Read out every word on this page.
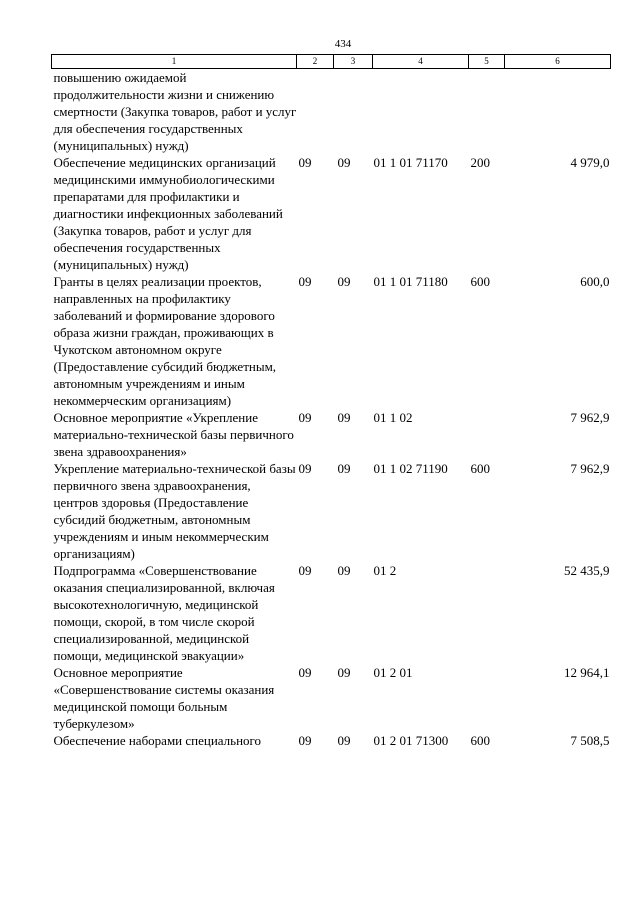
434
1	2	3	4	5	6
повышению ожидаемой продолжительности жизни и снижению смертности (Закупка товаров, работ и услуг для обеспечения государственных (муниципальных) нужд)					
Обеспечение медицинских организаций медицинскими иммунобиологическими препаратами для профилактики и диагностики инфекционных заболеваний (Закупка товаров, работ и услуг для обеспечения государственных (муниципальных) нужд)	09	09	01 1 01 71170	200	4 979,0
Гранты в целях реализации проектов, направленных на профилактику заболеваний и формирование здорового образа жизни граждан, проживающих в Чукотском автономном округе (Предоставление субсидий бюджетным, автономным учреждениям и иным некоммерческим организациям)	09	09	01 1 01 71180	600	600,0
Основное мероприятие «Укрепление материально-технической базы первичного звена здравоохранения»	09	09	01 1 02		7 962,9
Укрепление материально-технической базы первичного звена здравоохранения, центров здоровья (Предоставление субсидий бюджетным, автономным учреждениям и иным некоммерческим организациям)	09	09	01 1 02 71190	600	7 962,9
Подпрограмма «Совершенствование оказания специализированной, включая высокотехнологичную, медицинской помощи, скорой, в том числе скорой специализированной, медицинской помощи, медицинской эвакуации»	09	09	01 2		52 435,9
Основное мероприятие «Совершенствование системы оказания медицинской помощи больным туберкулезом»	09	09	01 2 01		12 964,1
Обеспечение наборами специального	09	09	01 2 01 71300	600	7 508,5
